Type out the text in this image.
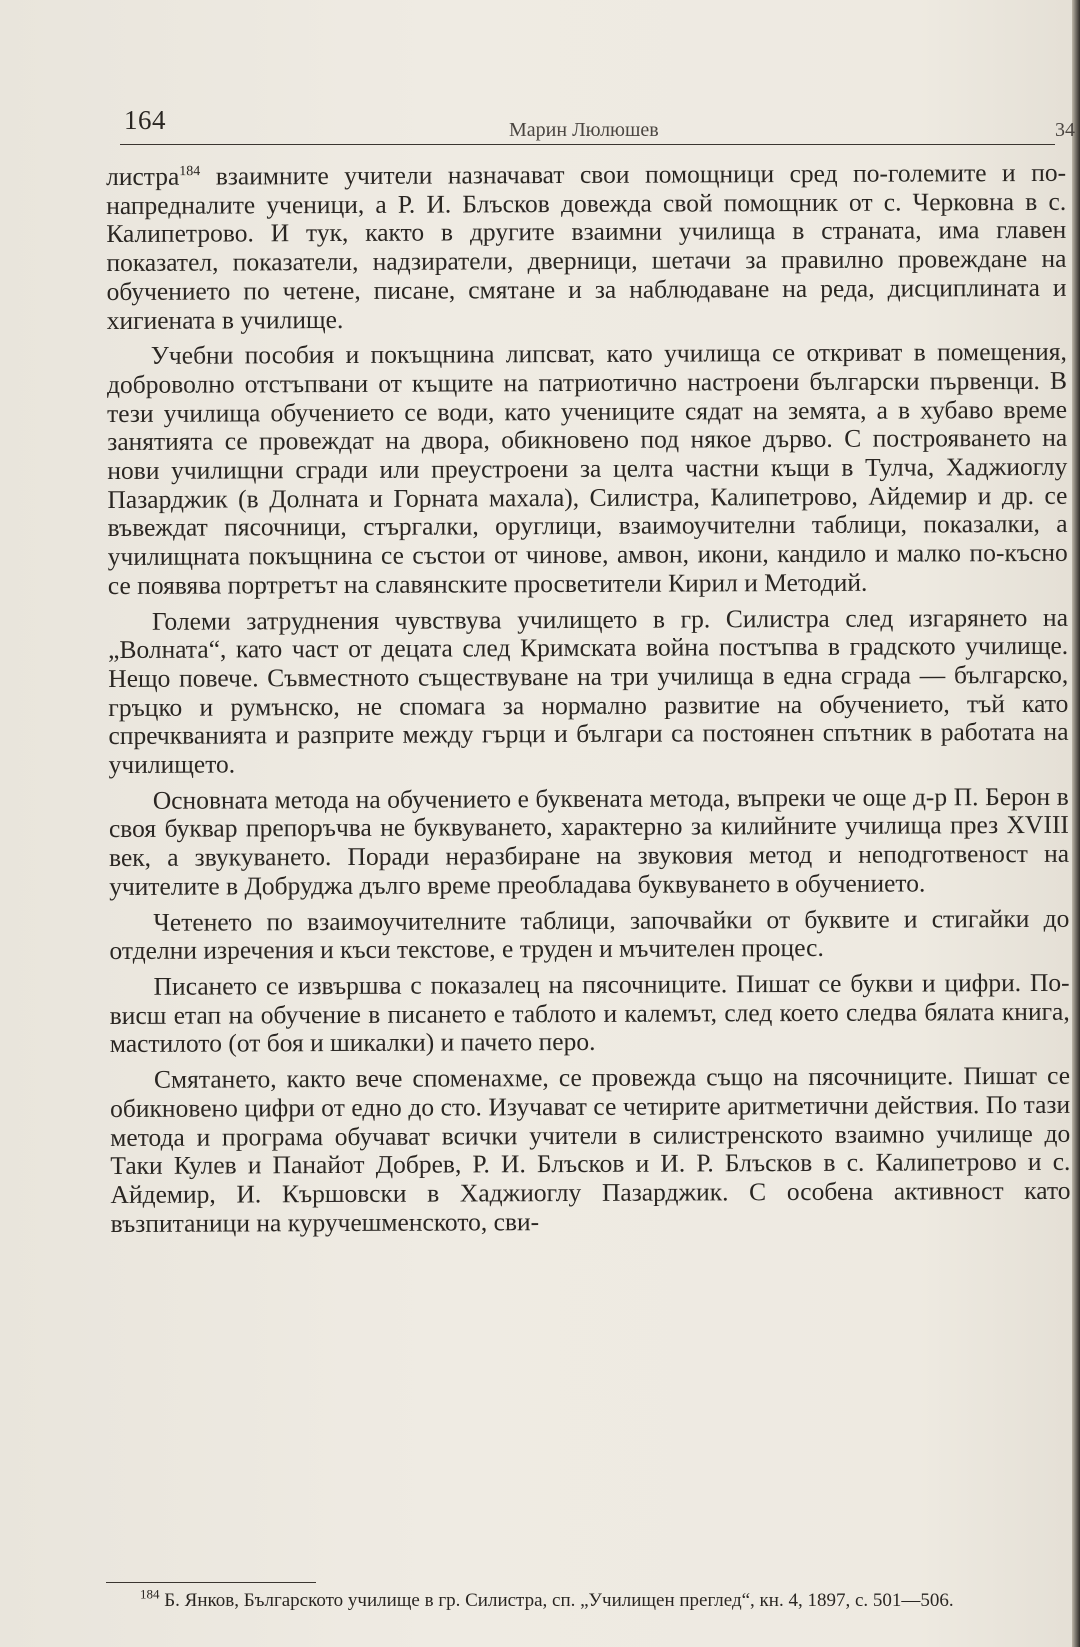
164	Марин Люлюшев	34

листра$^{184}$ взаимните учители назначават свои помощници сред по-големите и по-напредналите ученици, а Р. И. Блъсков довежда свой помощник от с. Черковна в с. Калипетрово. И тук, както в другите взаимни училища в страната, има главен показател, показатели, надзиратели, дверници, шетачи за правилно провеждане на обучението по четене, писане, смятане и за наблюдаване на реда, дисциплината и хигиената в училище.

Учебни пособия и покъщнина липсват, като училища се откриват в помещения, доброволно отстъпвани от къщите на патриотично настроени български първенци. В тези училища обучението се води, като учениците сядат на земята, а в хубаво време занятията се провеждат на двора, обикновено под някое дърво. С построяването на нови училищни сгради или преустроени за целта частни къщи в Тулча, Хаджиоглу Пазарджик (в Долната и Горната махала), Силистра, Калипетрово, Айдемир и др. се въвеждат пясочници, стъргалки, оруглици, взаимоучителни таблици, показалки, а училищната покъщнина се състои от чинове, амвон, икони, кандило и малко по-късно се появява портретът на славянските просветители Кирил и Методий.

Големи затруднения чувствува училището в гр. Силистра след изгарянето на „Волната“, като част от децата след Кримската война постъпва в градското училище. Нещо повече. Съвместното съществуване на три училища в една сграда — българско, гръцко и румънско, не спомага за нормално развитие на обучението, тъй като спречкванията и разприте между гърци и българи са постоянен спътник в работата на училището.

Основната метода на обучението е буквената метода, въпреки че още д-р П. Берон в своя буквар препоръчва не буквуването, характерно за килийните училища през XVIII век, а звукуването. Поради неразбиране на звуковия метод и неподготвеност на учителите в Добруджа дълго време преобладава буквуването в обучението.

Четенето по взаимоучителните таблици, започвайки от буквите и стигайки до отделни изречения и къси текстове, е труден и мъчителен процес.

Писането се извършва с показалец на пясочниците. Пишат се букви и цифри. По-висш етап на обучение в писането е таблото и калемът, след което следва бялата книга, мастилото (от боя и шикалки) и пачето перо.

Смятането, както вече споменахме, се провежда също на пясочниците. Пишат се обикновено цифри от едно до сто. Изучават се четирите аритметични действия. По тази метода и програма обучават всички учители в силистренското взаимно училище до Таки Кулев и Панайот Добрев, Р. И. Блъсков и И. Р. Блъсков в с. Калипетрово и с. Айдемир, И. Кършовски в Хаджиоглу Пазарджик. С особена активност като възпитаници на куручешменското, сви-

$^{184}$ Б. Янков, Българското училище в гр. Силистра, сп. „Училищен преглед“, кн. 4, 1897, с. 501—506.
